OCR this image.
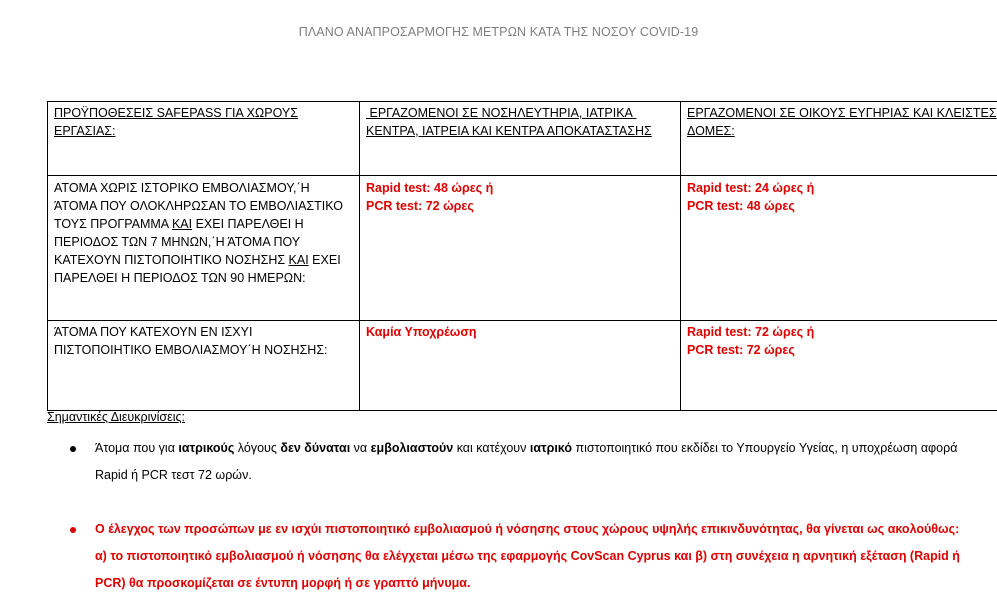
ΠΛΑΝΟ ΑΝΑΠΡΟΣΑΡΜΟΓΗΣ ΜΕΤΡΩΝ ΚΑΤΑ ΤΗΣ ΝΟΣΟΥ COVID-19
ΠΡΟΫΠΟΘΕΣΕΙΣ SAFEPASS ΓΙΑ ΧΩΡΟΥΣ ΕΡΓΑΣΙΑΣ:	ΕΡΓΑΖΟΜΕΝΟΙ ΣΕ ΝΟΣΗΛΕΥΤΗΡΙΑ, ΙΑΤΡΙΚΑ ΚΕΝΤΡΑ, ΙΑΤΡΕΙΑ ΚΑΙ ΚΕΝΤΡΑ ΑΠΟΚΑΤΑΣΤΑΣΗΣ	ΕΡΓΑΖΟΜΕΝΟΙ ΣΕ ΟΙΚΟΥΣ ΕΥΓΗΡΙΑΣ ΚΑΙ ΚΛΕΙΣΤΕΣ ΔΟΜΕΣ:
ΑΤΟΜΑ ΧΩΡΙΣ ΙΣΤΟΡΙΚΟ ΕΜΒΟΛΙΑΣΜΟΥ,΄Η ΆΤΟΜΑ ΠΟΥ ΟΛΟΚΛΗΡΩΣΑΝ ΤΟ ΕΜΒΟΛΙΑΣΤΙΚΟ ΤΟΥΣ ΠΡΟΓΡΑΜΜΑ ΚΑΙ ΕΧΕΙ ΠΑΡΕΛΘΕΙ Η ΠΕΡΙΟΔΟΣ ΤΩΝ 7 ΜΗΝΩΝ,΄Η ΆΤΟΜΑ ΠΟΥ ΚΑΤΕΧΟΥΝ ΠΙΣΤΟΠΟΙΗΤΙΚΟ ΝΟΣΗΣΗΣ ΚΑΙ ΕΧΕΙ ΠΑΡΕΛΘΕΙ Η ΠΕΡΙΟΔΟΣ ΤΩΝ 90 ΗΜΕΡΩΝ:	Rapid test: 48 ώρες ή
PCR test: 72 ώρες	Rapid test: 24 ώρες ή
PCR test: 48 ώρες

ΆΤΟΜΑ ΠΟΥ ΚΑΤΕΧΟΥΝ ΕΝ ΙΣΧΥΙ ΠΙΣΤΟΠΟΙΗΤΙΚΟ ΕΜΒΟΛΙΑΣΜΟΥ΄Η ΝΟΣΗΣΗΣ:	Καμία Υποχρέωση	Rapid test: 72 ώρες ή
PCR test: 72 ώρες
Σημαντικές Διευκρινίσεις:
Άτομα που για ιατρικούς λόγους δεν δύναται να εμβολιαστούν και κατέχουν ιατρικό πιστοποιητικό που εκδίδει το Υπουργείο Υγείας, η υποχρέωση αφορά Rapid ή PCR τεστ 72 ωρών.
Ο έλεγχος των προσώπων με εν ισχύι πιστοποιητικό εμβολιασμού ή νόσησης στους χώρους υψηλής επικινδυνότητας, θα γίνεται ως ακολούθως: α) το πιστοποιητικό εμβολιασμού ή νόσησης θα ελέγχεται μέσω της εφαρμογής CovScan Cyprus και β) στη συνέχεια η αρνητική εξέταση (Rapid ή PCR) θα προσκομίζεται σε έντυπη μορφή ή σε γραπτό μήνυμα.
